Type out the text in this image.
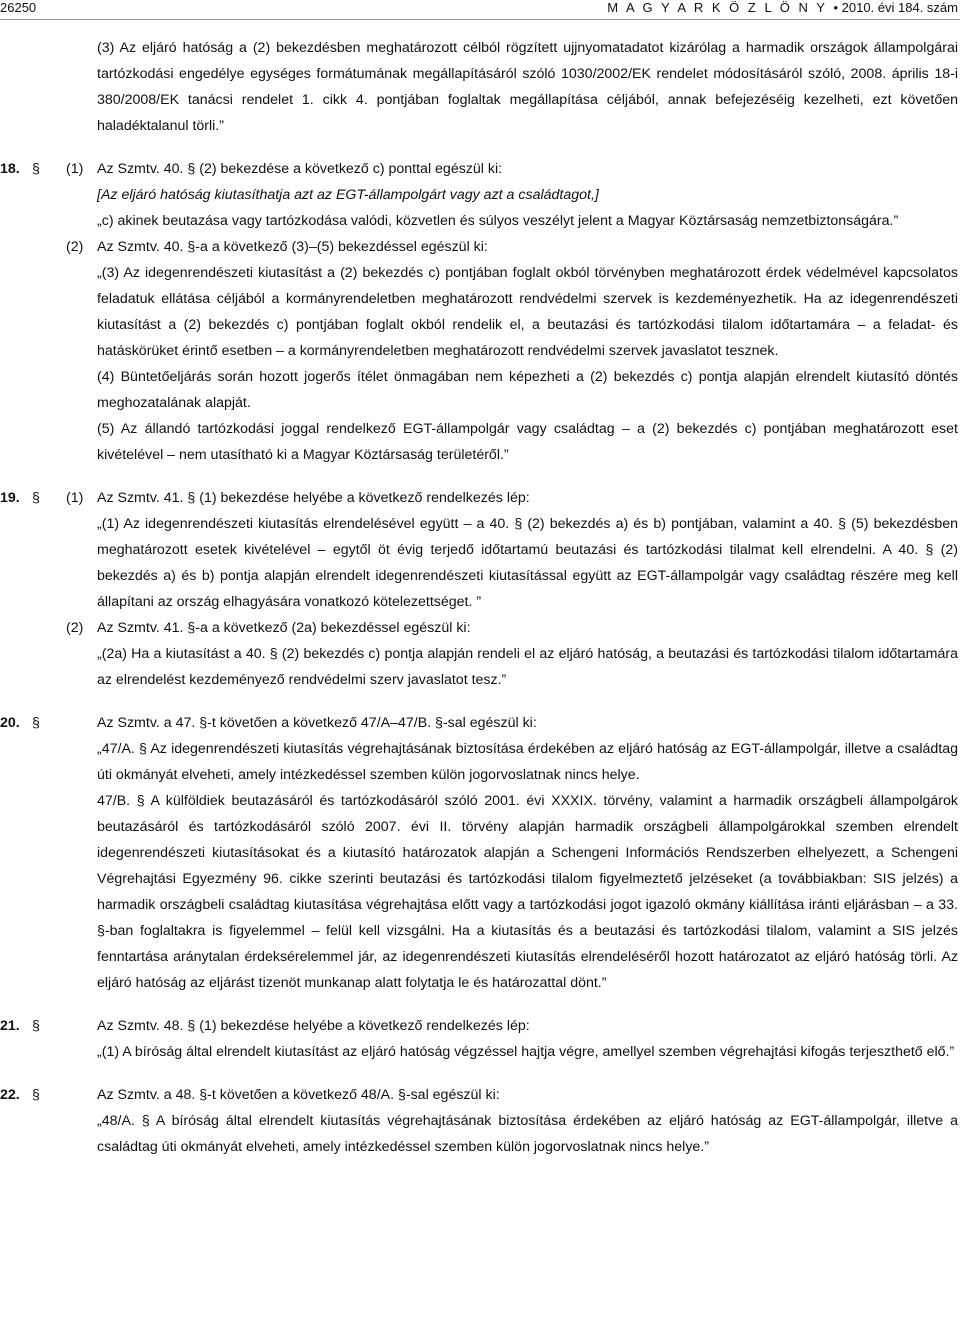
26250	M A G Y A R K Ö Z L Ö N Y • 2010. évi 184. szám

(3) Az eljáró hatóság a (2) bekezdésben meghatározott célból rögzített ujjnyomatadatot kizárólag a harmadik országok állampolgárai tartózkodási engedélye egységes formátumának megállapításáról szóló 1030/2002/EK rendelet módosításáról szóló, 2008. április 18-i 380/2008/EK tanácsi rendelet 1. cikk 4. pontjában foglaltak megállapítása céljából, annak befejezéséig kezelheti, ezt követően haladéktalanul törli.”

18. § (1) Az Szmtv. 40. § (2) bekezdése a következő c) ponttal egészül ki:

[Az eljáró hatóság kiutasíthatja azt az EGT-állampolgárt vagy azt a családtagot,]

„c) akinek beutazása vagy tartózkodása valódi, közvetlen és súlyos veszélyt jelent a Magyar Köztársaság nemzetbiztonságára.”

(2) Az Szmtv. 40. §-a a következő (3)–(5) bekezdéssel egészül ki:

„(3) Az idegenrendészeti kiutasítást a (2) bekezdés c) pontjában foglalt okból törvényben meghatározott érdek védelmével kapcsolatos feladatuk ellátása céljából a kormányrendeletben meghatározott rendvédelmi szervek is kezdeményezhetik. Ha az idegenrendészeti kiutasítást a (2) bekezdés c) pontjában foglalt okból rendelik el, a beutazási és tartózkodási tilalom időtartamára – a feladat- és hatáskörüket érintő esetben – a kormányrendeletben meghatározott rendvédelmi szervek javaslatot tesznek.

(4) Büntetőeljárás során hozott jogerős ítélet önmagában nem képezheti a (2) bekezdés c) pontja alapján elrendelt kiutasító döntés meghozatalának alapját.

(5) Az állandó tartózkodási joggal rendelkező EGT-állampolgár vagy családtag – a (2) bekezdés c) pontjában meghatározott eset kivételével – nem utasítható ki a Magyar Köztársaság területéről.”

19. § (1) Az Szmtv. 41. § (1) bekezdése helyébe a következő rendelkezés lép:

„(1) Az idegenrendészeti kiutasítás elrendelésével együtt – a 40. § (2) bekezdés a) és b) pontjában, valamint a 40. § (5) bekezdésben meghatározott esetek kivételével – egytől öt évig terjedő időtartamú beutazási és tartózkodási tilalmat kell elrendelni. A 40. § (2) bekezdés a) és b) pontja alapján elrendelt idegenrendészeti kiutasítással együtt az EGT-állampolgár vagy családtag részére meg kell állapítani az ország elhagyására vonatkozó kötelezettséget. ”

(2) Az Szmtv. 41. §-a a következő (2a) bekezdéssel egészül ki:

„(2a) Ha a kiutasítást a 40. § (2) bekezdés c) pontja alapján rendeli el az eljáró hatóság, a beutazási és tartózkodási tilalom időtartamára az elrendelést kezdeményező rendvédelmi szerv javaslatot tesz.”

20. §	Az Szmtv. a 47. §-t követően a következő 47/A–47/B. §-sal egészül ki:

„47/A. § Az idegenrendészeti kiutasítás végrehajtásának biztosítása érdekében az eljáró hatóság az EGT-állampolgár, illetve a családtag úti okmányát elveheti, amely intézkedéssel szemben külön jogorvoslatnak nincs helye.

47/B. § A külföldiek beutazásáról és tartózkodásáról szóló 2001. évi XXXIX. törvény, valamint a harmadik országbeli állampolgárok beutazásáról és tartózkodásáról szóló 2007. évi II. törvény alapján harmadik országbeli állampolgárokkal szemben elrendelt idegenrendészeti kiutasításokat és a kiutasító határozatok alapján a Schengeni Információs Rendszerben elhelyezett, a Schengeni Végrehajtási Egyezmény 96. cikke szerinti beutazási és tartózkodási tilalom figyelmeztető jelzéseket (a továbbiakban: SIS jelzés) a harmadik országbeli családtag kiutasítása végrehajtása előtt vagy a tartózkodási jogot igazoló okmány kiállítása iránti eljárásban – a 33. §-ban foglaltakra is figyelemmel – felül kell vizsgálni. Ha a kiutasítás és a beutazási és tartózkodási tilalom, valamint a SIS jelzés fenntartása aránytalan érdeksérelemmel jár, az idegenrendészeti kiutasítás elrendeléséről hozott határozatot az eljáró hatóság törli. Az eljáró hatóság az eljárást tizenöt munkanap alatt folytatja le és határozattal dönt.”

21. §	Az Szmtv. 48. § (1) bekezdése helyébe a következő rendelkezés lép:

„(1) A bíróság által elrendelt kiutasítást az eljáró hatóság végzéssel hajtja végre, amellyel szemben végrehajtási kifogás terjeszthető elő.”

22. §	Az Szmtv. a 48. §-t követően a következő 48/A. §-sal egészül ki:

„48/A. § A bíróság által elrendelt kiutasítás végrehajtásának biztosítása érdekében az eljáró hatóság az EGT-állampolgár, illetve a családtag úti okmányát elveheti, amely intézkedéssel szemben külön jogorvoslatnak nincs helye.”
